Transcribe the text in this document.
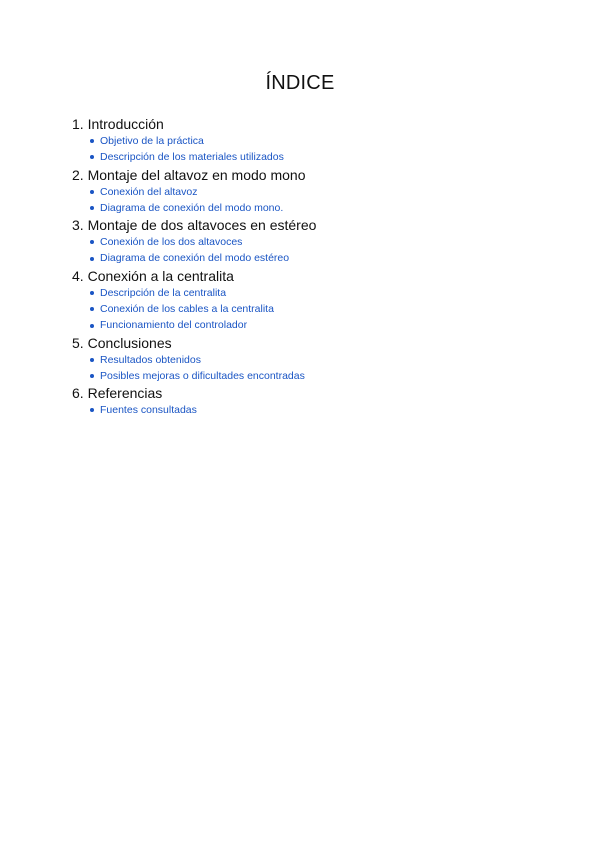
ÍNDICE
1. Introducción
Objetivo de la práctica
Descripción de los materiales utilizados
2. Montaje del altavoz en modo mono
Conexión del altavoz
Diagrama de conexión del modo mono.
3. Montaje de dos altavoces en estéreo
Conexión de los dos altavoces
Diagrama de conexión del modo estéreo
4. Conexión a la centralita
Descripción de la centralita
Conexión de los cables a la centralita
Funcionamiento del controlador
5. Conclusiones
Resultados obtenidos
Posibles mejoras o dificultades encontradas
6. Referencias
Fuentes consultadas
